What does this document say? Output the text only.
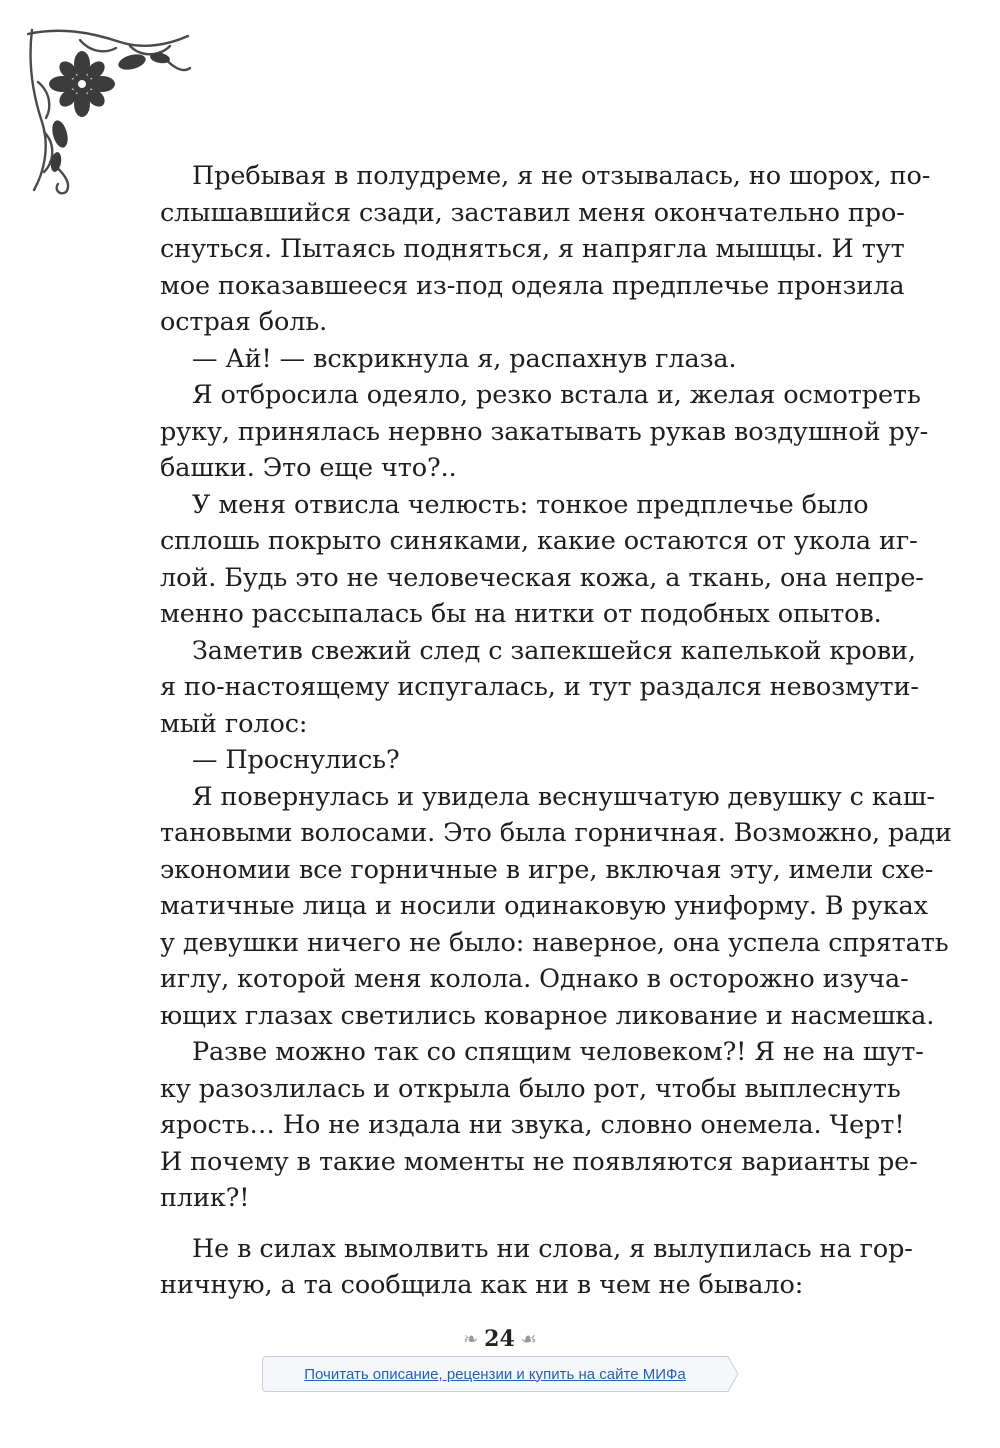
Пребывая в полудреме, я не отзывалась, но шорох, по-
слышавшийся сзади, заставил меня окончательно про-
снуться. Пытаясь подняться, я напрягла мышцы. И тут
мое показавшееся из-под одеяла предплечье пронзила
острая боль.
— Ай! — вскрикнула я, распахнув глаза.
Я отбросила одеяло, резко встала и, желая осмотреть
руку, принялась нервно закатывать рукав воздушной ру-
башки. Это еще что?..
У меня отвисла челюсть: тонкое предплечье было
сплошь покрыто синяками, какие остаются от укола иг-
лой. Будь это не человеческая кожа, а ткань, она непре-
менно рассыпалась бы на нитки от подобных опытов.
Заметив свежий след с запекшейся капелькой крови,
я по-настоящему испугалась, и тут раздался невозмути-
мый голос:
— Проснулись?
Я повернулась и увидела веснушчатую девушку с каш-
тановыми волосами. Это была горничная. Возможно, ради
экономии все горничные в игре, включая эту, имели схе-
матичные лица и носили одинаковую униформу. В руках
у девушки ничего не было: наверное, она успела спрятать
иглу, которой меня колола. Однако в осторожно изуча-
ющих глазах светились коварное ликование и насмешка.
Разве можно так со спящим человеком?! Я не на шут-
ку разозлилась и открыла было рот, чтобы выплеснуть
ярость… Но не издала ни звука, словно онемела. Черт!
И почему в такие моменты не появляются варианты ре-
плик?!
Не в силах вымолвить ни слова, я вылупилась на гор-
ничную, а та сообщила как ни в чем не бывало:
❧ 24 ☙
Почитать описание, рецензии и купить на сайте МИФа
